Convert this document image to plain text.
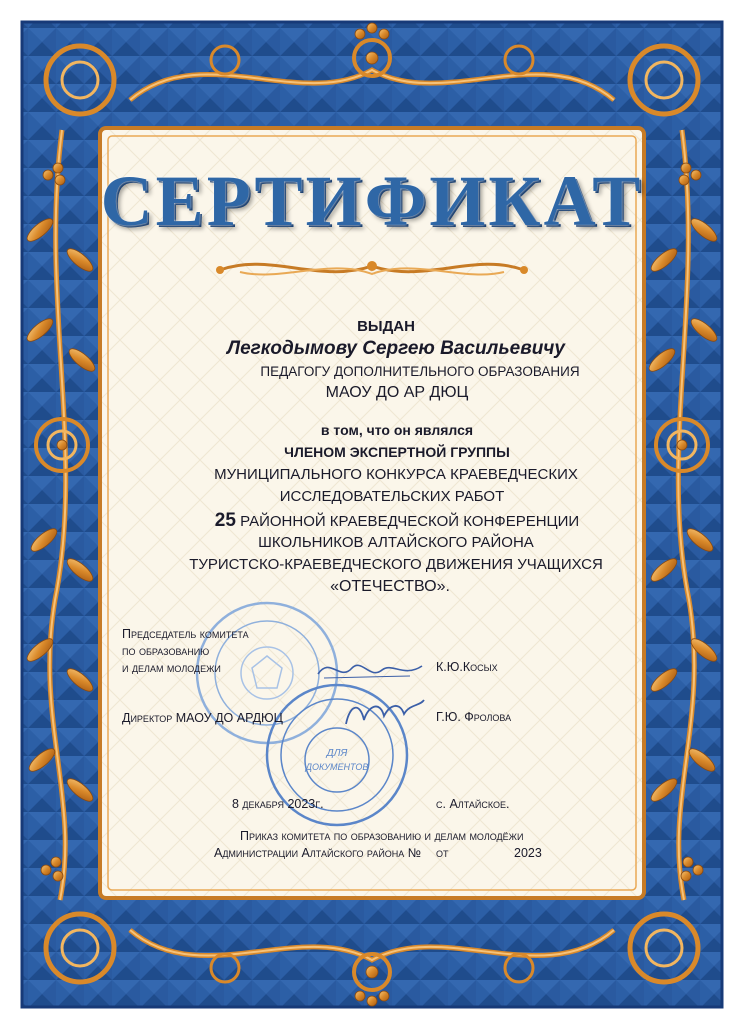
СЕРТИФИКАТ
ВЫДАН
Легкодымову Сергею Васильевичу
ПЕДАГОГУ ДОПОЛНИТЕЛЬНОГО ОБРАЗОВАНИЯ
МАОУ ДО АР ДЮЦ
в том, что он являлся
ЧЛЕНОМ ЭКСПЕРТНОЙ ГРУППЫ
МУНИЦИПАЛЬНОГО КОНКУРСА КРАЕВЕДЧЕСКИХ
ИССЛЕДОВАТЕЛЬСКИХ РАБОТ
25 РАЙОННОЙ КРАЕВЕДЧЕСКОЙ КОНФЕРЕНЦИИ
ШКОЛЬНИКОВ АЛТАЙСКОГО РАЙОНА
ТУРИСТСКО-КРАЕВЕДЧЕСКОГО ДВИЖЕНИЯ УЧАЩИХСЯ
«ОТЕЧЕСТВО».
ДЛЯ
ДОКУМЕНТОВ
Председатель комитета
по образованию
и делам молодежи	К.Ю.Косых
Директор МАОУ ДО АРДЮЦ	Г.Ю. Фролова
8 декабря 2023г.	с. Алтайское.
Приказ комитета по образованию и делам молодёжи
Администрации Алтайского района № от	2023
